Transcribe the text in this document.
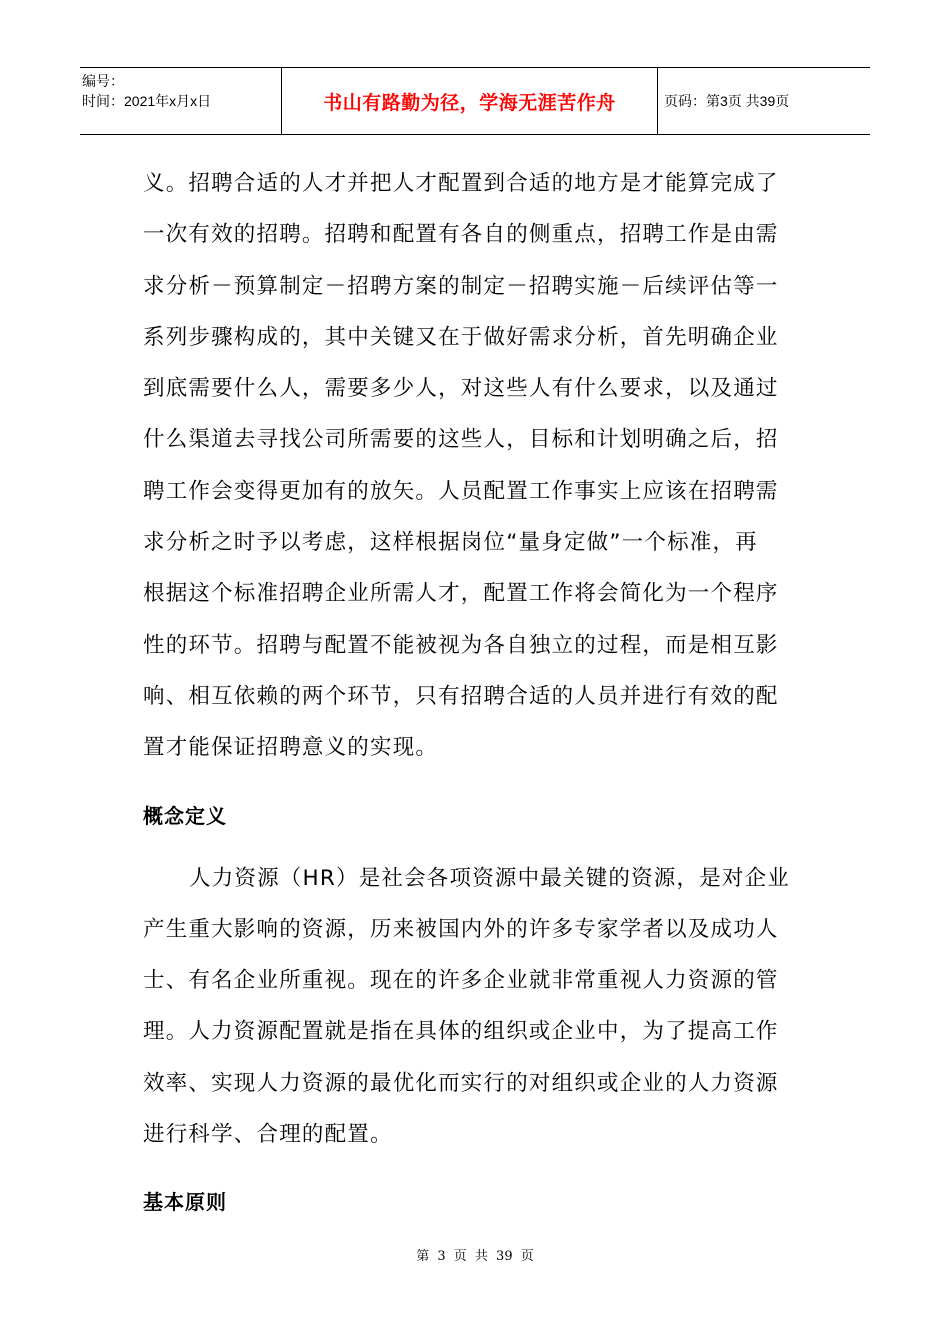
编号：
时间：2021年x月x日	书山有路勤为径，学海无涯苦作舟	页码：第3页 共39页

义。招聘合适的人才并把人才配置到合适的地方是才能算完成了
一次有效的招聘。招聘和配置有各自的侧重点，招聘工作是由需
求分析－预算制定－招聘方案的制定－招聘实施－后续评估等一
系列步骤构成的，其中关键又在于做好需求分析，首先明确企业
到底需要什么人，需要多少人，对这些人有什么要求，以及通过
什么渠道去寻找公司所需要的这些人，目标和计划明确之后，招
聘工作会变得更加有的放矢。人员配置工作事实上应该在招聘需
求分析之时予以考虑，这样根据岗位“量身定做”一个标准，再
根据这个标准招聘企业所需人才，配置工作将会简化为一个程序
性的环节。招聘与配置不能被视为各自独立的过程，而是相互影
响、相互依赖的两个环节，只有招聘合适的人员并进行有效的配
置才能保证招聘意义的实现。

概念定义

人力资源（HR）是社会各项资源中最关键的资源，是对企业
产生重大影响的资源，历来被国内外的许多专家学者以及成功人
士、有名企业所重视。现在的许多企业就非常重视人力资源的管
理。人力资源配置就是指在具体的组织或企业中，为了提高工作
效率、实现人力资源的最优化而实行的对组织或企业的人力资源
进行科学、合理的配置。

基本原则
第 3 页 共 39 页
